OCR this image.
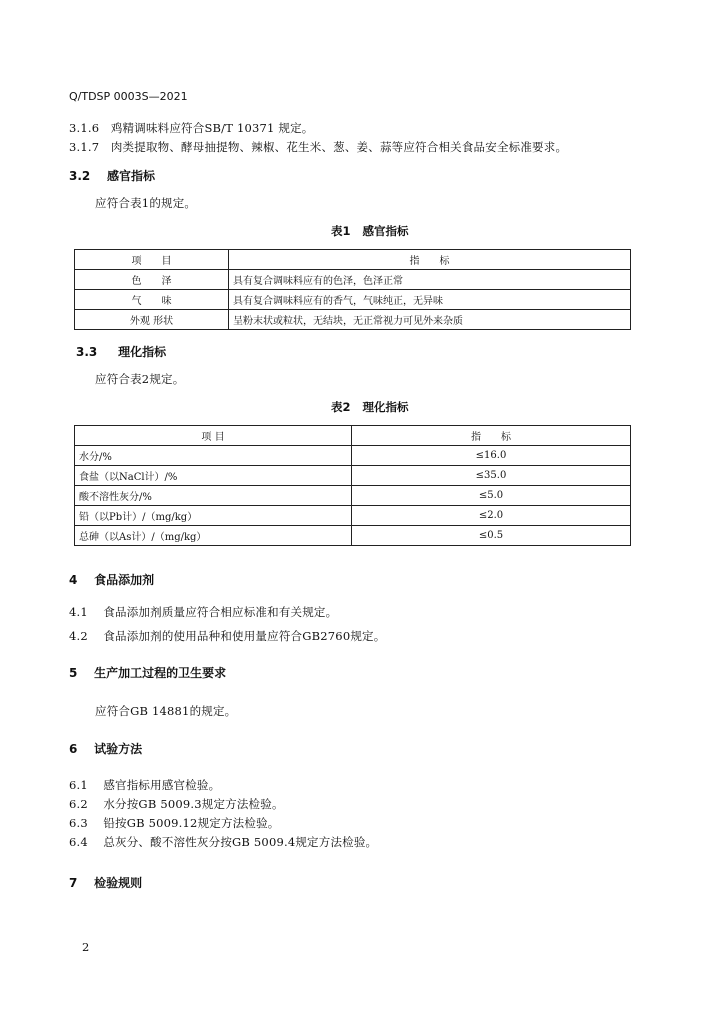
Q/TDSP 0003S—2021
3.1.6 鸡精调味料应符合SB/T 10371 规定。
3.1.7 肉类提取物、酵母抽提物、辣椒、花生米、葱、姜、蒜等应符合相关食品安全标准要求。
3.2 感官指标
应符合表1的规定。
表1 感官指标
项　　目	指　　标
色　　泽	具有复合调味料应有的色泽，色泽正常
气　　味	具有复合调味料应有的香气，气味纯正，无异味
外观 形状	呈粉末状或粒状，无结块，无正常视力可见外来杂质
3.3 理化指标
应符合表2规定。
表2 理化指标
项 目	指　　标
水分/%	≤16.0
食盐（以NaCl计）/%	≤35.0
酸不溶性灰分/%	≤5.0
铅（以Pb计）/（mg/kg）	≤2.0
总砷（以As计）/（mg/kg）	≤0.5
4 食品添加剂
4.1 食品添加剂质量应符合相应标准和有关规定。
4.2 食品添加剂的使用品种和使用量应符合GB2760规定。
5 生产加工过程的卫生要求
应符合GB 14881的规定。
6 试验方法
6.1 感官指标用感官检验。
6.2 水分按GB 5009.3规定方法检验。
6.3 铅按GB 5009.12规定方法检验。
6.4 总灰分、酸不溶性灰分按GB 5009.4规定方法检验。
7 检验规则
2
